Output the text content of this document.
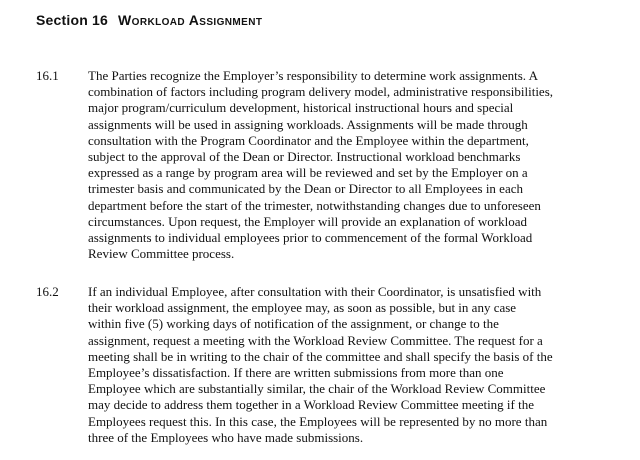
Section 16 Workload Assignment
16.1	The Parties recognize the Employer’s responsibility to determine work assignments. A
combination of factors including program delivery model, administrative responsibilities,
major program/curriculum development, historical instructional hours and special
assignments will be used in assigning workloads. Assignments will be made through
consultation with the Program Coordinator and the Employee within the department,
subject to the approval of the Dean or Director. Instructional workload benchmarks
expressed as a range by program area will be reviewed and set by the Employer on a
trimester basis and communicated by the Dean or Director to all Employees in each
department before the start of the trimester, notwithstanding changes due to unforeseen
circumstances. Upon request, the Employer will provide an explanation of workload
assignments to individual employees prior to commencement of the formal Workload
Review Committee process.
16.2	If an individual Employee, after consultation with their Coordinator, is unsatisfied with
their workload assignment, the employee may, as soon as possible, but in any case
within five (5) working days of notification of the assignment, or change to the
assignment, request a meeting with the Workload Review Committee. The request for a
meeting shall be in writing to the chair of the committee and shall specify the basis of the
Employee’s dissatisfaction. If there are written submissions from more than one
Employee which are substantially similar, the chair of the Workload Review Committee
may decide to address them together in a Workload Review Committee meeting if the
Employees request this. In this case, the Employees will be represented by no more than
three of the Employees who have made submissions.
